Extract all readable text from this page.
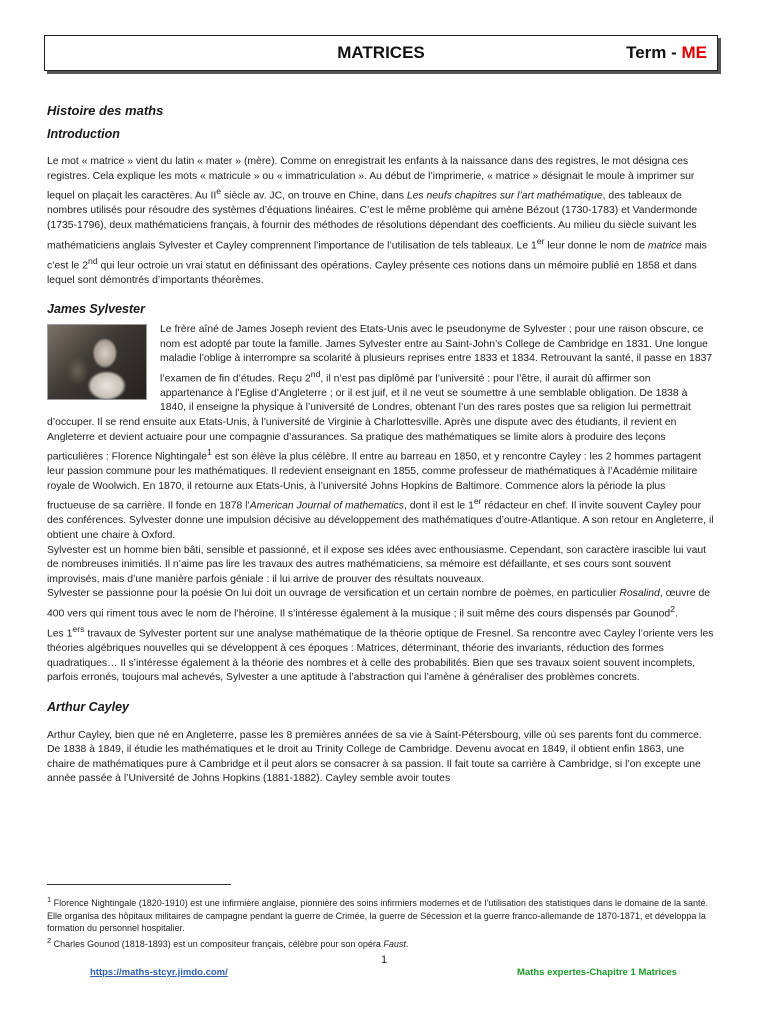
MATRICES	Term - ME
Histoire des maths
Introduction

Le mot « matrice » vient du latin « mater » (mère). Comme on enregistrait les enfants à la naissance dans des registres, le mot désigna ces registres. Cela explique les mots « matricule » ou « immatriculation ». Au début de l’imprimerie, « matrice » désignait le moule à imprimer sur lequel on plaçait les caractères. Au IIe siècle av. JC, on trouve en Chine, dans Les neufs chapitres sur l’art mathématique, des tableaux de nombres utilisés pour résoudre des systèmes d’équations linéaires. C’est le même problème qui amène Bézout (1730-1783) et Vandermonde (1735-1796), deux mathématiciens français, à fournir des méthodes de résolutions dépendant des coefficients. Au milieu du siècle suivant les mathématiciens anglais Sylvester et Cayley comprennent l’importance de l’utilisation de tels tableaux. Le 1er leur donne le nom de matrice mais c’est le 2nd qui leur octroie un vrai statut en définissant des opérations. Cayley présente ces notions dans un mémoire publié en 1858 et dans lequel sont démontrés d’importants théorèmes.

James Sylvester

Le frère aîné de James Joseph revient des Etats-Unis avec le pseudonyme de Sylvester ; pour une raison obscure, ce nom est adopté par toute la famille. James Sylvester entre au Saint-John’s College de Cambridge en 1831. Une longue maladie l’oblige à interrompre sa scolarité à plusieurs reprises entre 1833 et 1834. Retrouvant la santé, il passe en 1837 l’examen de fin d’études. Reçu 2nd, il n’est pas diplômé par l’université : pour l’être, il aurait dû affirmer son appartenance à l’Eglise d’Angleterre ; or il est juif, et il ne veut se soumettre à une semblable obligation. De 1838 à 1840, il enseigne la physique à l’université de Londres, obtenant l’un des rares postes que sa religion lui permettrait d’occuper. Il se rend ensuite aux Etats-Unis, à l’université de Virginie à Charlottesville. Après une dispute avec des étudiants, il revient en Angleterre et devient actuaire pour une compagnie d’assurances. Sa pratique des mathématiques se limite alors à produire des leçons particulières : Florence Nightingale$^1$ est son élève la plus célèbre. Il entre au barreau en 1850, et y rencontre Cayley : les 2 hommes partagent leur passion commune pour les mathématiques. Il redevient enseignant en 1855, comme professeur de mathématiques à l’Académie militaire royale de Woolwich. En 1870, il retourne aux Etats-Unis, à l’université Johns Hopkins de Baltimore. Commence alors la période la plus fructueuse de sa carrière. Il fonde en 1878 l’American Journal of mathematics, dont il est le 1er rédacteur en chef. Il invite souvent Cayley pour des conférences. Sylvester donne une impulsion décisive au développement des mathématiques d’outre-Atlantique. A son retour en Angleterre, il obtient une chaire à Oxford.

Sylvester est un homme bien bâti, sensible et passionné, et il expose ses idées avec enthousiasme. Cependant, son caractère irascible lui vaut de nombreuses inimitiés. Il n’aime pas lire les travaux des autres mathématiciens, sa mémoire est défaillante, et ses cours sont souvent improvisés, mais d’une manière parfois géniale : il lui arrive de prouver des résultats nouveaux.

Sylvester se passionne pour la poésie On lui doit un ouvrage de versification et un certain nombre de poèmes, en particulier Rosalind, œuvre de 400 vers qui riment tous avec le nom de l’héroïne. Il s’intéresse également à la musique ; il suit même des cours dispensés par Gounod$^2$.

Les 1ers travaux de Sylvester portent sur une analyse mathématique de la théorie optique de Fresnel. Sa rencontre avec Cayley l’oriente vers les théories algébriques nouvelles qui se développent à ces époques : Matrices, déterminant, théorie des invariants, réduction des formes quadratiques… Il s’intéresse également à la théorie des nombres et à celle des probabilités. Bien que ses travaux soient souvent incomplets, parfois erronés, toujours mal achevés, Sylvester a une aptitude à l’abstraction qui l’amène à généraliser des problèmes concrets.

Arthur Cayley

Arthur Cayley, bien que né en Angleterre, passe les 8 premières années de sa vie à Saint-Pétersbourg, ville où ses parents font du commerce. De 1838 à 1849, il étudie les mathématiques et le droit au Trinity College de Cambridge. Devenu avocat en 1849, il obtient enfin 1863, une chaire de mathématiques pure à Cambridge et il peut alors se consacrer à sa passion. Il fait toute sa carrière à Cambridge, si l’on excepte une année passée à l’Université de Johns Hopkins (1881-1882). Cayley semble avoir toutes

$^1$ Florence Nightingale (1820-1910) est une infirmière anglaise, pionnière des soins infirmiers modernes et de l’utilisation des statistiques dans le domaine de la santé. Elle organisa des hôpitaux militaires de campagne pendant la guerre de Crimée, la guerre de Sécession et la guerre franco-allemande de 1870-1871, et développa la formation du personnel hospitalier.

$^2$ Charles Gounod (1818-1893) est un compositeur français, célèbre pour son opéra Faust.

1
https://maths-stcyr.jimdo.com/	Maths expertes-Chapitre 1 Matrices
